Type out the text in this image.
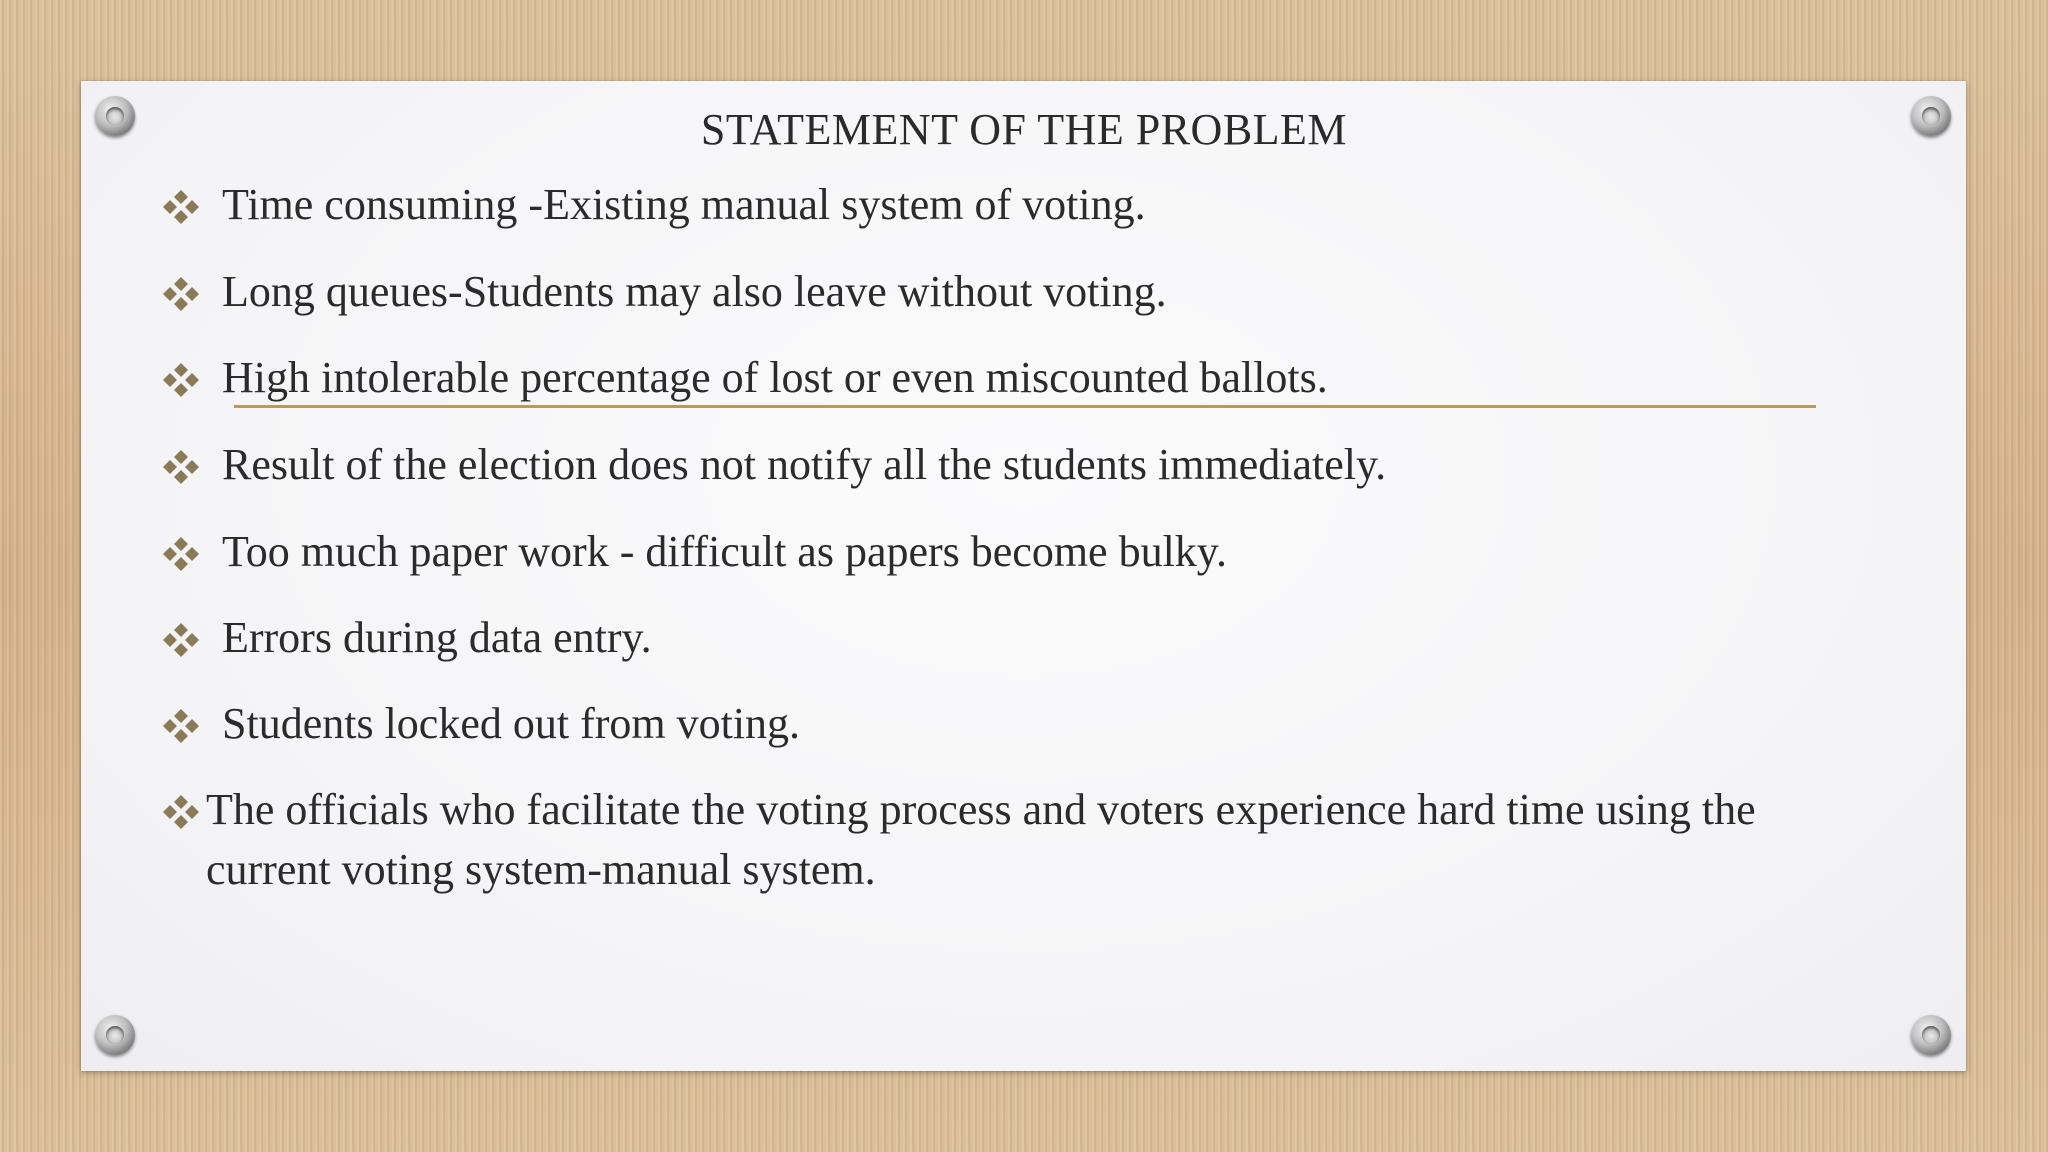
STATEMENT OF THE PROBLEM
Time consuming -Existing manual system of voting.
Long queues-Students may also leave without voting.
High intolerable percentage of lost or even miscounted ballots.
Result of the election does not notify all the students immediately.
Too much paper work - difficult as papers become bulky.
Errors during data entry.
Students locked out from voting.
The officials who facilitate the voting process and voters experience hard time using the current voting system-manual system.
